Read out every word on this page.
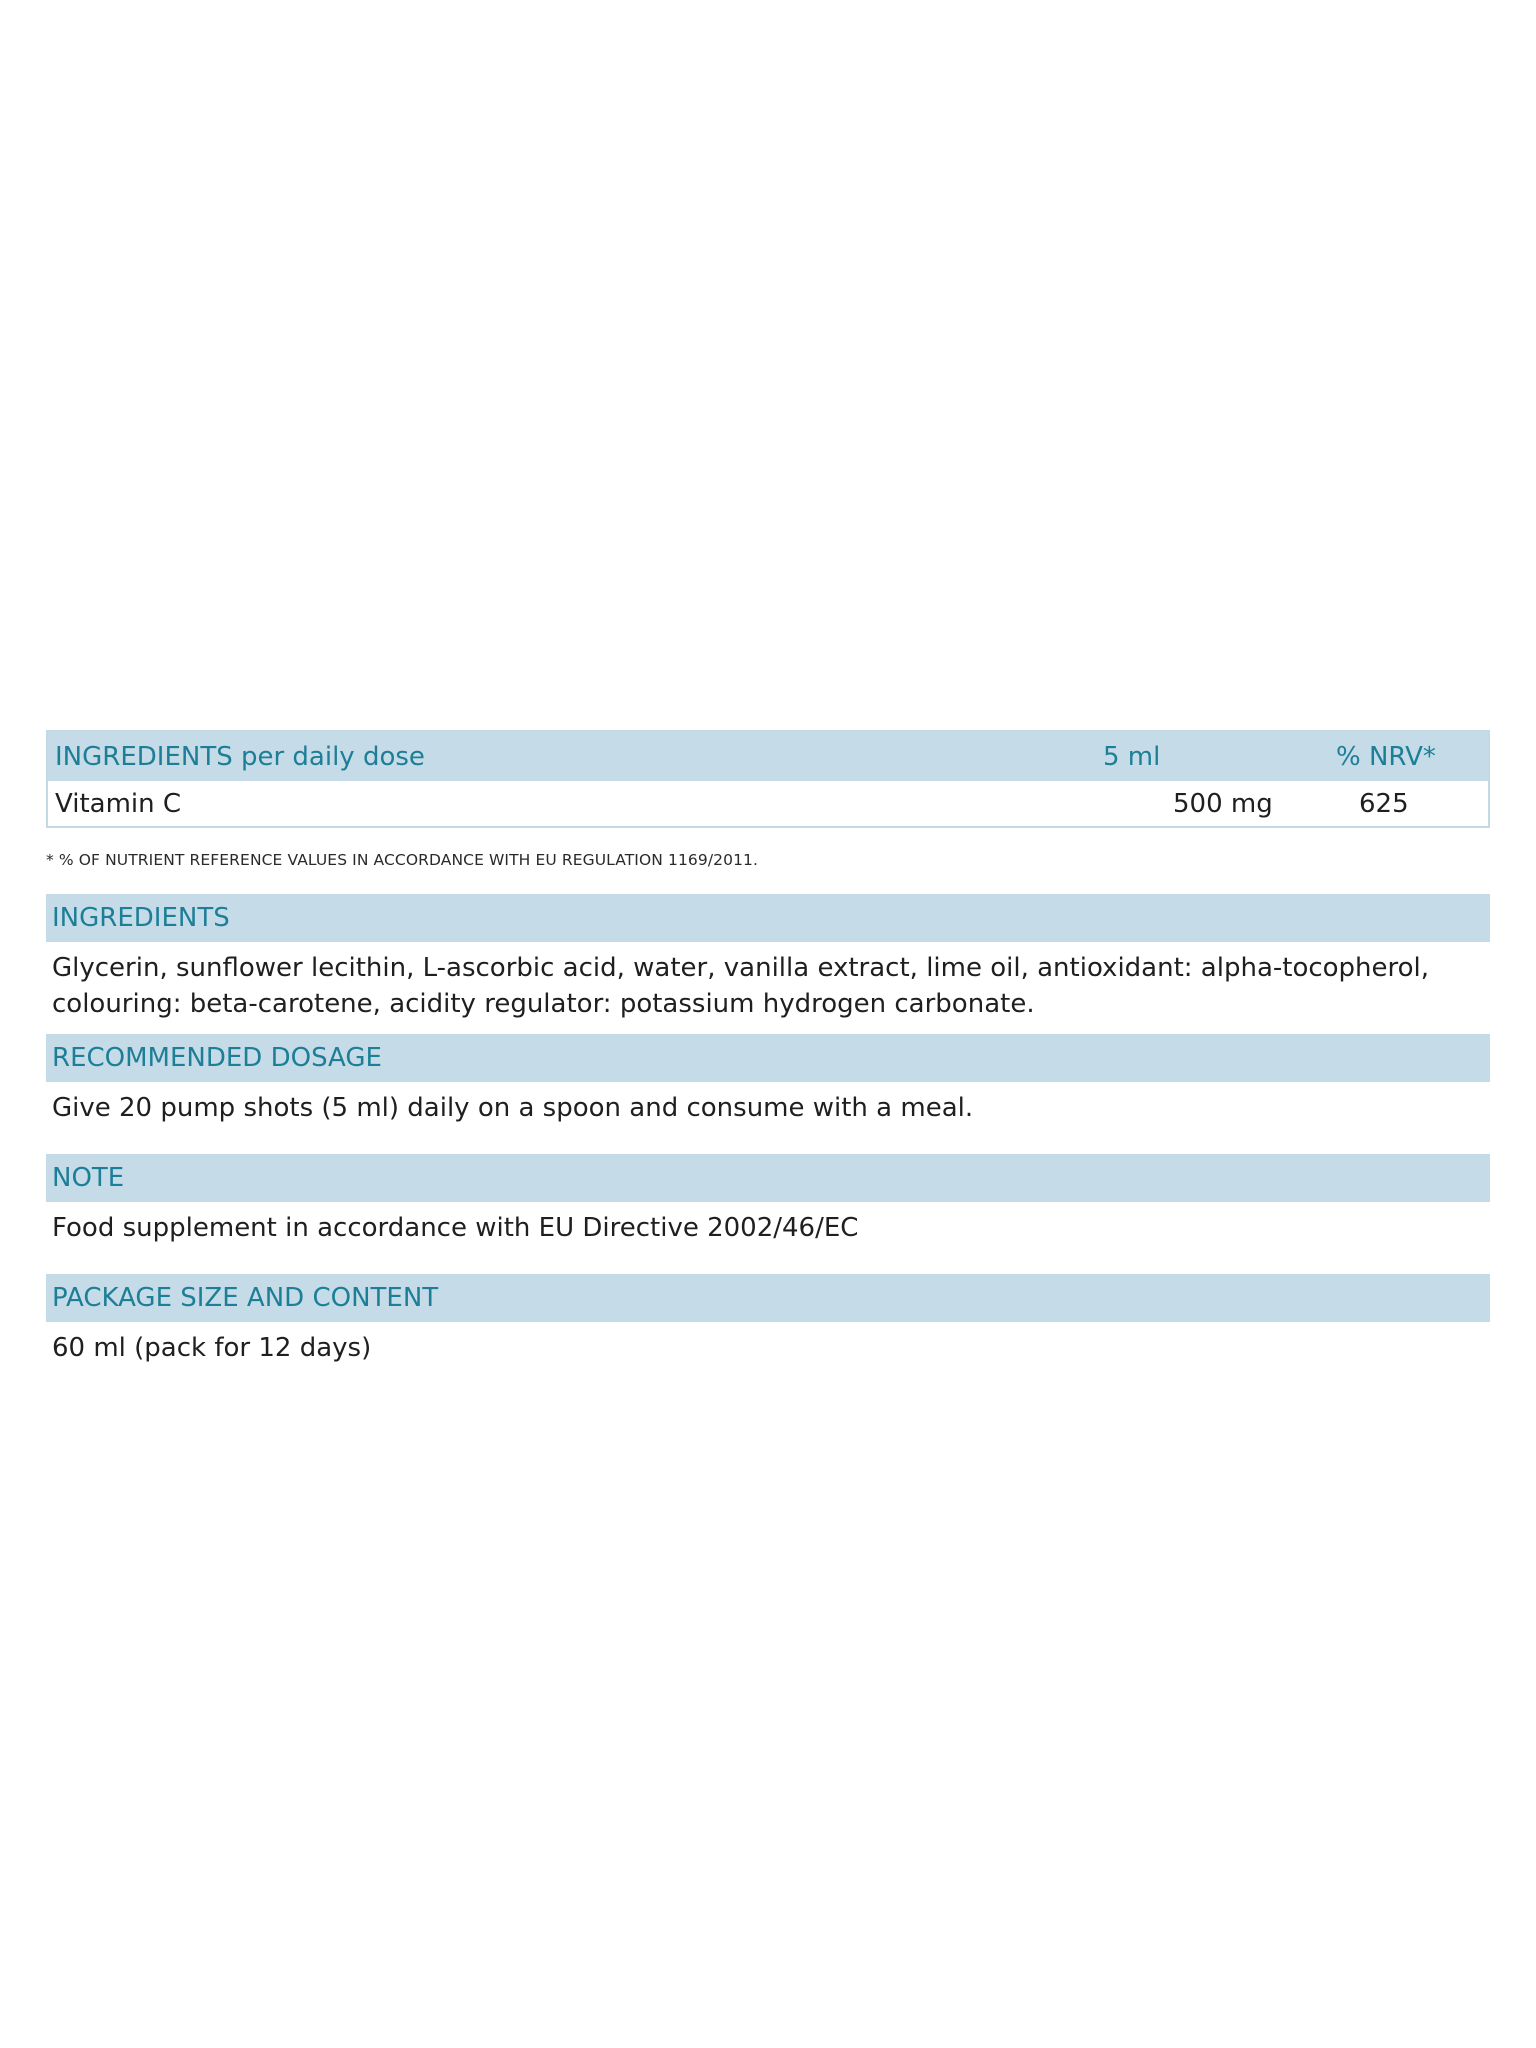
INGREDIENTS per daily dose	5 ml	% NRV*

Vitamin C	500 mg	625
* % OF NUTRIENT REFERENCE VALUES IN ACCORDANCE WITH EU REGULATION 1169/2011.
INGREDIENTS
Glycerin, sunflower lecithin, L-ascorbic acid, water, vanilla extract, lime oil, antioxidant: alpha-tocopherol, colouring: beta-carotene, acidity regulator: potassium hydrogen carbonate.
RECOMMENDED DOSAGE
Give 20 pump shots (5 ml) daily on a spoon and consume with a meal.
NOTE
Food supplement in accordance with EU Directive 2002/46/EC
PACKAGE SIZE AND CONTENT
60 ml (pack for 12 days)
